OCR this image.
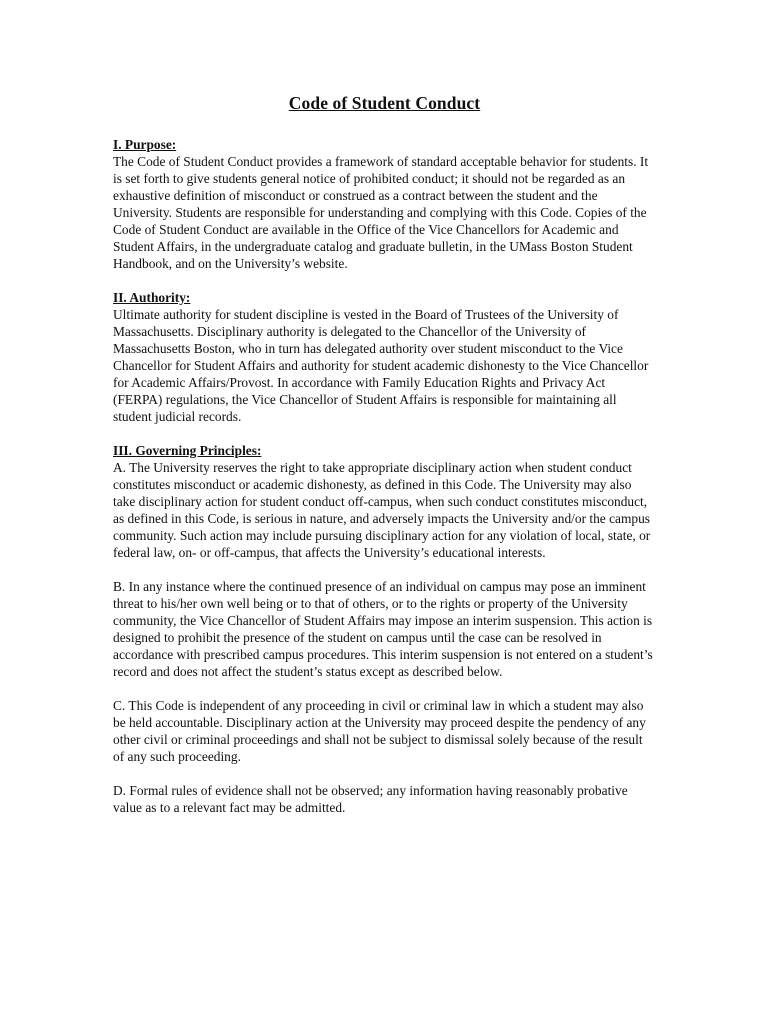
Code of Student Conduct
I. Purpose:

The Code of Student Conduct provides a framework of standard acceptable behavior for students. It is set forth to give students general notice of prohibited conduct; it should not be regarded as an exhaustive definition of misconduct or construed as a contract between the student and the University. Students are responsible for understanding and complying with this Code. Copies of the Code of Student Conduct are available in the Office of the Vice Chancellors for Academic and Student Affairs, in the undergraduate catalog and graduate bulletin, in the UMass Boston Student Handbook, and on the University’s website.

II. Authority:

Ultimate authority for student discipline is vested in the Board of Trustees of the University of Massachusetts. Disciplinary authority is delegated to the Chancellor of the University of Massachusetts Boston, who in turn has delegated authority over student misconduct to the Vice Chancellor for Student Affairs and authority for student academic dishonesty to the Vice Chancellor for Academic Affairs/Provost. In accordance with Family Education Rights and Privacy Act (FERPA) regulations, the Vice Chancellor of Student Affairs is responsible for maintaining all student judicial records.

III. Governing Principles:

A. The University reserves the right to take appropriate disciplinary action when student conduct constitutes misconduct or academic dishonesty, as defined in this Code. The University may also take disciplinary action for student conduct off-campus, when such conduct constitutes misconduct, as defined in this Code, is serious in nature, and adversely impacts the University and/or the campus community. Such action may include pursuing disciplinary action for any violation of local, state, or federal law, on- or off-campus, that affects the University’s educational interests.

B. In any instance where the continued presence of an individual on campus may pose an imminent threat to his/her own well being or to that of others, or to the rights or property of the University community, the Vice Chancellor of Student Affairs may impose an interim suspension. This action is designed to prohibit the presence of the student on campus until the case can be resolved in accordance with prescribed campus procedures. This interim suspension is not entered on a student’s record and does not affect the student’s status except as described below.

C. This Code is independent of any proceeding in civil or criminal law in which a student may also be held accountable. Disciplinary action at the University may proceed despite the pendency of any other civil or criminal proceedings and shall not be subject to dismissal solely because of the result of any such proceeding.

D. Formal rules of evidence shall not be observed; any information having reasonably probative value as to a relevant fact may be admitted.
